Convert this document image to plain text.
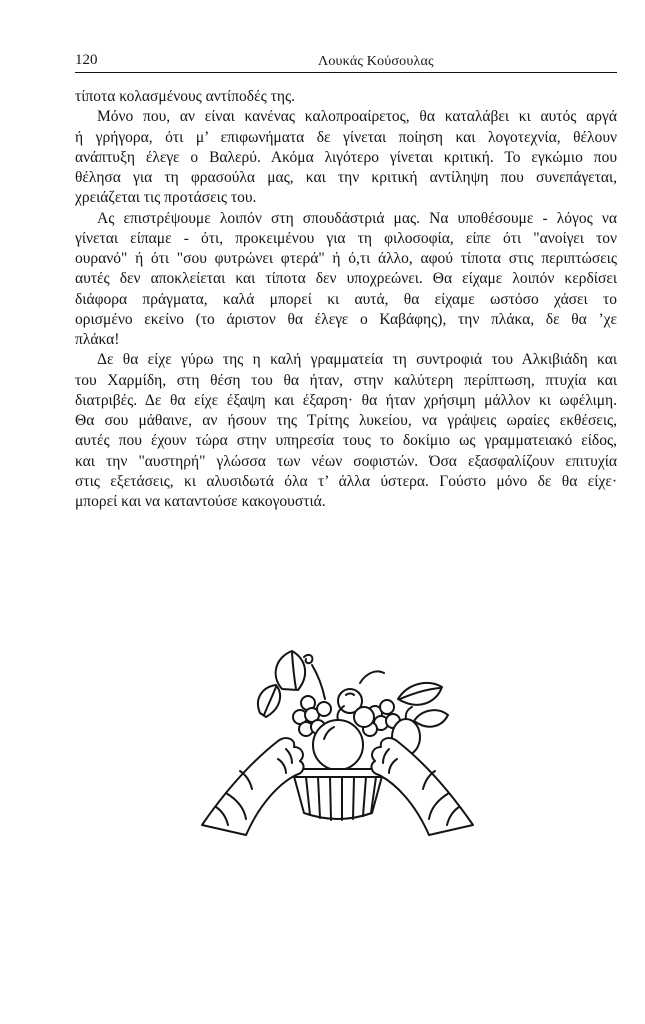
120	Λουκάς Κούσουλας
τίποτα κολασμένους αντίποδές της.
Μόνο που, αν είναι κανένας καλοπροαίρετος, θα καταλάβει κι αυτός αργά
ή γρήγορα, ότι μ’ επιφωνήματα δε γίνεται ποίηση και λογοτεχνία, θέλουν
ανάπτυξη έλεγε ο Βαλερύ. Ακόμα λιγότερο γίνεται κριτική. Το εγκώμιο που
θέλησα για τη φρασούλα μας, και την κριτική αντίληψη που συνεπάγεται,
χρειάζεται τις προτάσεις του.
Ας επιστρέψουμε λοιπόν στη σπουδάστριά μας. Να υποθέσουμε - λόγος να
γίνεται είπαμε - ότι, προκειμένου για τη φιλοσοφία, είπε ότι "ανοίγει τον
ουρανό" ή ότι "σου φυτρώνει φτερά" ή ό,τι άλλο, αφού τίποτα στις περιπτώσεις
αυτές δεν αποκλείεται και τίποτα δεν υποχρεώνει. Θα είχαμε λοιπόν κερδίσει
διάφορα πράγματα, καλά μπορεί κι αυτά, θα είχαμε ωστόσο χάσει το
ορισμένο εκείνο (το άριστον θα έλεγε ο Καβάφης), την πλάκα, δε θα ’χε
πλάκα!
Δε θα είχε γύρω της η καλή γραμματεία τη συντροφιά του Αλκιβιάδη και
του Χαρμίδη, στη θέση του θα ήταν, στην καλύτερη περίπτωση, πτυχία και
διατριβές. Δε θα είχε έξαψη και έξαρση· θα ήταν χρήσιμη μάλλον κι ωφέλιμη.
Θα σου μάθαινε, αν ήσουν της Τρίτης λυκείου, να γράψεις ωραίες εκθέσεις,
αυτές που έχουν τώρα στην υπηρεσία τους το δοκίμιο ως γραμματειακό είδος,
και την "αυστηρή" γλώσσα των νέων σοφιστών. Όσα εξασφαλίζουν επιτυχία
στις εξετάσεις, κι αλυσιδωτά όλα τ’ άλλα ύστερα. Γούστο μόνο δε θα είχε·
μπορεί και να καταντούσε κακογουστιά.
